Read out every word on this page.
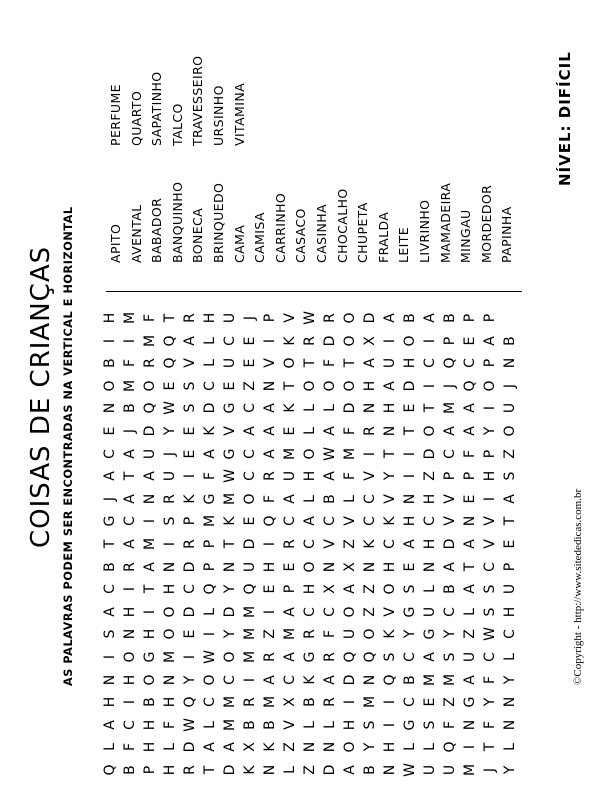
COISAS DE CRIANÇAS AS PALAVRAS PODEM SER ENCONTRADAS NA VERTICAL E HORIZONTAL
NÍVEL: DIFÍCIL
©Copyright - http://www.sitededicas.com.br
Q
L
A
H
N
I
S
A
C
B
T
G
J
A
C
E
N
O
B
I
H
B
F
C
I
H
O
N
H
I
R
A
C
A
T
A
J
B
M
F
I
M
P
H
H
B
O
G
H
I
T
A
M
I
N
A
U
D
Q
O
R
M
F
H
L
F
H
N
M
O
O
H
N
I
S
R
U
J
Y
W
E
Q
Q
T
R
D
W
Q
Y
I
E
D
C
D
R
P
K
I
E
E
S
S
V
A
R
T
A
L
C
O
W
I
L
Q
P
P
M
G
F
A
K
D
C
L
L
H
D
A
M
M
C
O
Y
D
Y
N
T
K
M
W
G
V
G
E
U
C
U
K
X
B
R
I
M
M
M
Q
U
D
E
O
C
C
A
C
Z
E
E
J
N
K
B
M
A
R
Z
I
E
H
I
Q
F
R
A
A
A
N
V
I
P
L
Z
V
X
C
A
M
A
P
E
R
C
A
U
M
E
K
T
O
K
V
Z
N
L
B
K
G
R
C
H
O
C
A
L
H
O
L
L
O
T
R
W
D
N
L
R
A
R
F
C
X
N
V
C
B
A
W
A
L
O
F
D
R
A
O
H
I
D
Q
U
O
A
X
Z
V
L
F
M
F
D
O
T
O
O
B
Y
S
M
N
Q
O
Z
Z
N
K
C
C
V
I
R
N
H
A
X
D
N
H
I
I
Q
S
K
V
O
H
C
K
V
Y
T
N
H
A
U
I
A
W
L
G
C
B
C
Y
G
S
E
A
H
N
I
I
T
E
D
H
O
B
U
L
S
E
M
A
G
U
L
N
H
C
H
Z
D
O
T
I
C
I
A
U
Q
F
Z
M
S
Y
C
B
A
D
V
V
P
C
A
M
J
Q
P
B
M
I
N
G
A
U
Z
L
A
T
A
N
E
P
F
A
A
Q
C
E
P
J
T
F
Y
F
C
W
S
S
C
V
V
I
H
P
Y
I
O
P
A
P
Y
L
N
N
Y
L
C
H
U
P
E
T
A
S
Z
O
U
J
N
B
APITO AVENTAL BABADOR BANQUINHO BONECA BRINQUEDO CAMA CAMISA CARRINHO CASACO CASINHA CHOCALHO CHUPETA FRALDA LEITE LIVRINHO MAMADEIRA MINGAU MORDEDOR PAPINHA
PERFUME QUARTO SAPATINHO TALCO TRAVESSEIRO URSINHO VITAMINA
